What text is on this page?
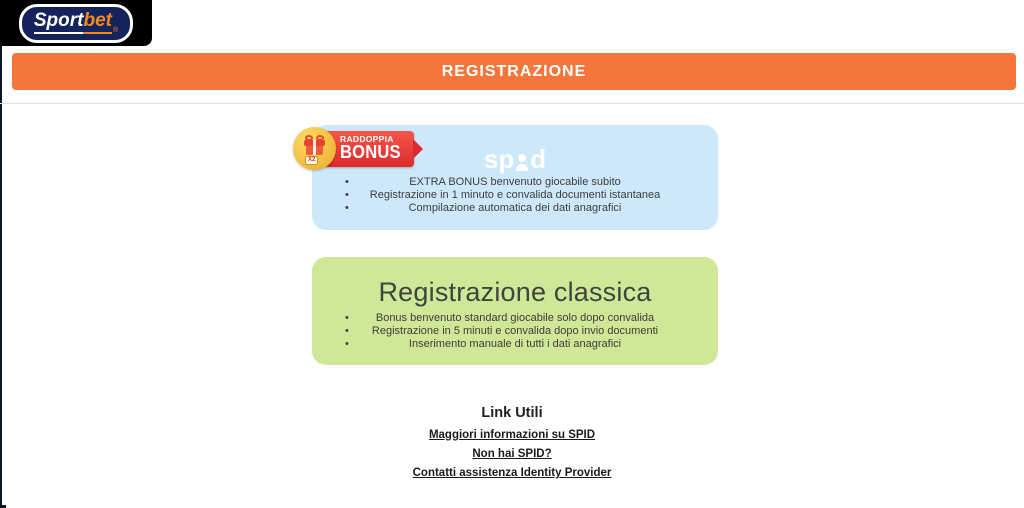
Sport bet ®
REGISTRAZIONE
X2
RADDOPPIA
BONUS	sp d
• EXTRA BONUS benvenuto giocabile subito
• Registrazione in 1 minuto e convalida documenti istantanea
• Compilazione automatica dei dati anagrafici
Registrazione classica
• Bonus benvenuto standard giocabile solo dopo convalida
• Registrazione in 5 minuti e convalida dopo invio documenti
• Inserimento manuale di tutti i dati anagrafici
Link Utili
Maggiori informazioni su SPID
Non hai SPID?
Contatti assistenza Identity Provider
